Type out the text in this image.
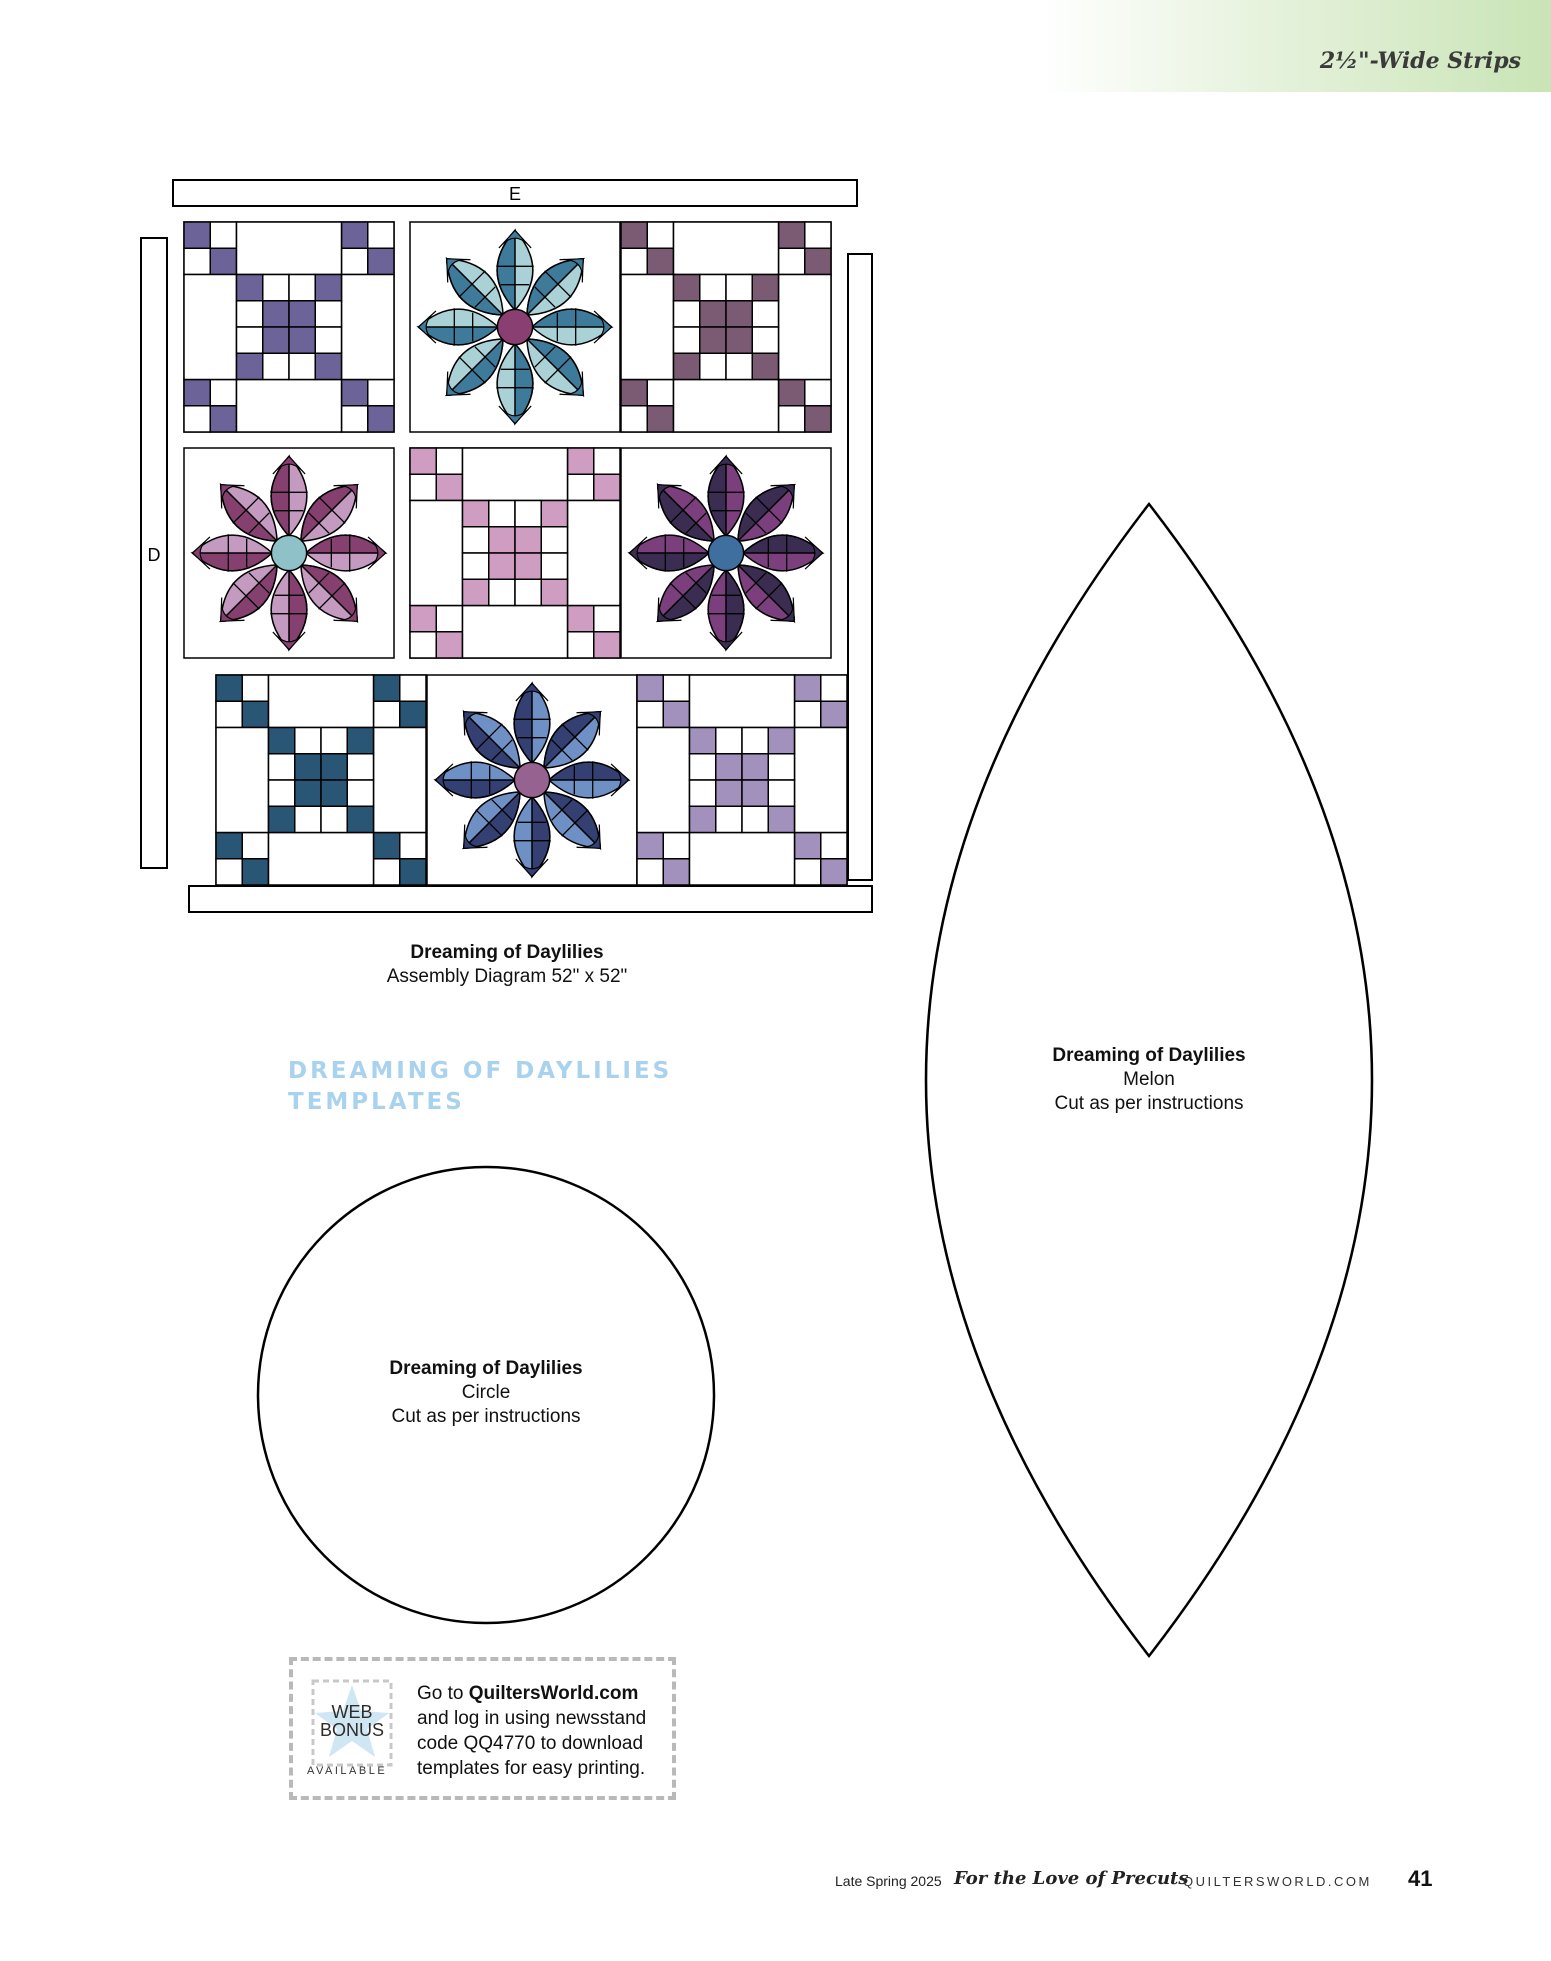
2½"-Wide Strips
E
D
Dreaming of Daylilies
Assembly Diagram 52" x 52"
DREAMING OF DAYLILIES
TEMPLATES
Dreaming of Daylilies
Melon
Cut as per instructions
Dreaming of Daylilies
Circle
Cut as per instructions
WEB
BONUS
AVAILABLE
Go to QuiltersWorld.com
and log in using newsstand
code QQ4770 to download
templates for easy printing.
Late Spring 2025 For the Love of Precuts
QUILTERSWORLD.COM 41
